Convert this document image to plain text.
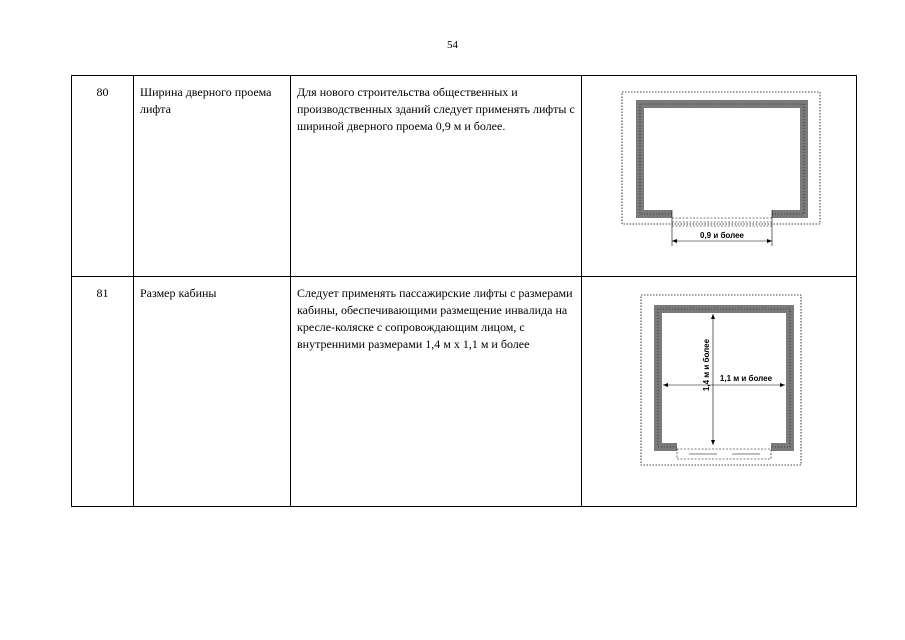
54
80	Ширина дверного проема лифта	Для нового строительства общественных и производственных зданий следует применять лифты с шириной дверного проема 0,9 м и более.	0,9 и более

81	Размер кабины	Следует применять пассажирские лифты с размерами кабины, обеспечивающими размещение инвалида на кресле-коляске с сопровождающим лицом, с внутренними размерами 1,4 м х 1,1 м и более	1,4 м и более 1,1 м и более
